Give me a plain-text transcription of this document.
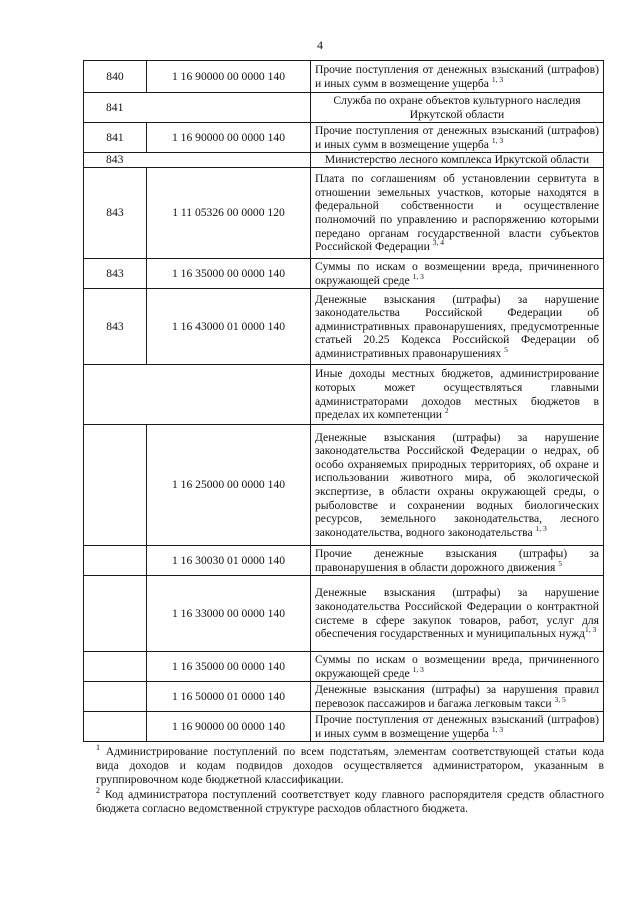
4
840	1 16 90000 00 0000 140	Прочие поступления от денежных взысканий (штрафов) и иных сумм в возмещение ущерба $^{1, 3}$
841		Служба по охране объектов культурного наследия Иркутской области
841	1 16 90000 00 0000 140	Прочие поступления от денежных взысканий (штрафов) и иных сумм в возмещение ущерба $^{1, 3}$
843		Министерство лесного комплекса Иркутской области
843	1 11 05326 00 0000 120	Плата по соглашениям об установлении сервитута в отношении земельных участков, которые находятся в федеральной собственности и осуществление полномочий по управлению и распоряжению которыми передано органам государственной власти субъектов Российской Федерации $^{3, 4}$
843	1 16 35000 00 0000 140	Суммы по искам о возмещении вреда, причиненного окружающей среде $^{1, 3}$
843	1 16 43000 01 0000 140	Денежные взыскания (штрафы) за нарушение законодательства Российской Федерации об административных правонарушениях, предусмотренные статьей 20.25 Кодекса Российской Федерации об административных правонарушениях $^5$
		Иные доходы местных бюджетов, администрирование которых может осуществляться главными администраторами доходов местных бюджетов в пределах их компетенции $^2$
	1 16 25000 00 0000 140	Денежные взыскания (штрафы) за нарушение законодательства Российской Федерации о недрах, об особо охраняемых природных территориях, об охране и использовании животного мира, об экологической экспертизе, в области охраны окружающей среды, о рыболовстве и сохранении водных биологических ресурсов, земельного законодательства, лесного законодательства, водного законодательства $^{1, 3}$
	1 16 30030 01 0000 140	Прочие денежные взыскания (штрафы) за правонарушения в области дорожного движения $^5$
	1 16 33000 00 0000 140	Денежные взыскания (штрафы) за нарушение законодательства Российской Федерации о контрактной системе в сфере закупок товаров, работ, услуг для обеспечения государственных и муниципальных нужд$^{1, 3}$
	1 16 35000 00 0000 140	Суммы по искам о возмещении вреда, причиненного окружающей среде $^{1, 3}$
	1 16 50000 01 0000 140	Денежные взыскания (штрафы) за нарушения правил перевозок пассажиров и багажа легковым такси $^{3, 5}$
	1 16 90000 00 0000 140	Прочие поступления от денежных взысканий (штрафов) и иных сумм в возмещение ущерба $^{1, 3}$

$^1$ Администрирование поступлений по всем подстатьям, элементам соответствующей статьи кода вида доходов и кодам подвидов доходов осуществляется администратором, указанным в группировочном коде бюджетной классификации.

$^2$ Код администратора поступлений соответствует коду главного распорядителя средств областного бюджета согласно ведомственной структуре расходов областного бюджета.
